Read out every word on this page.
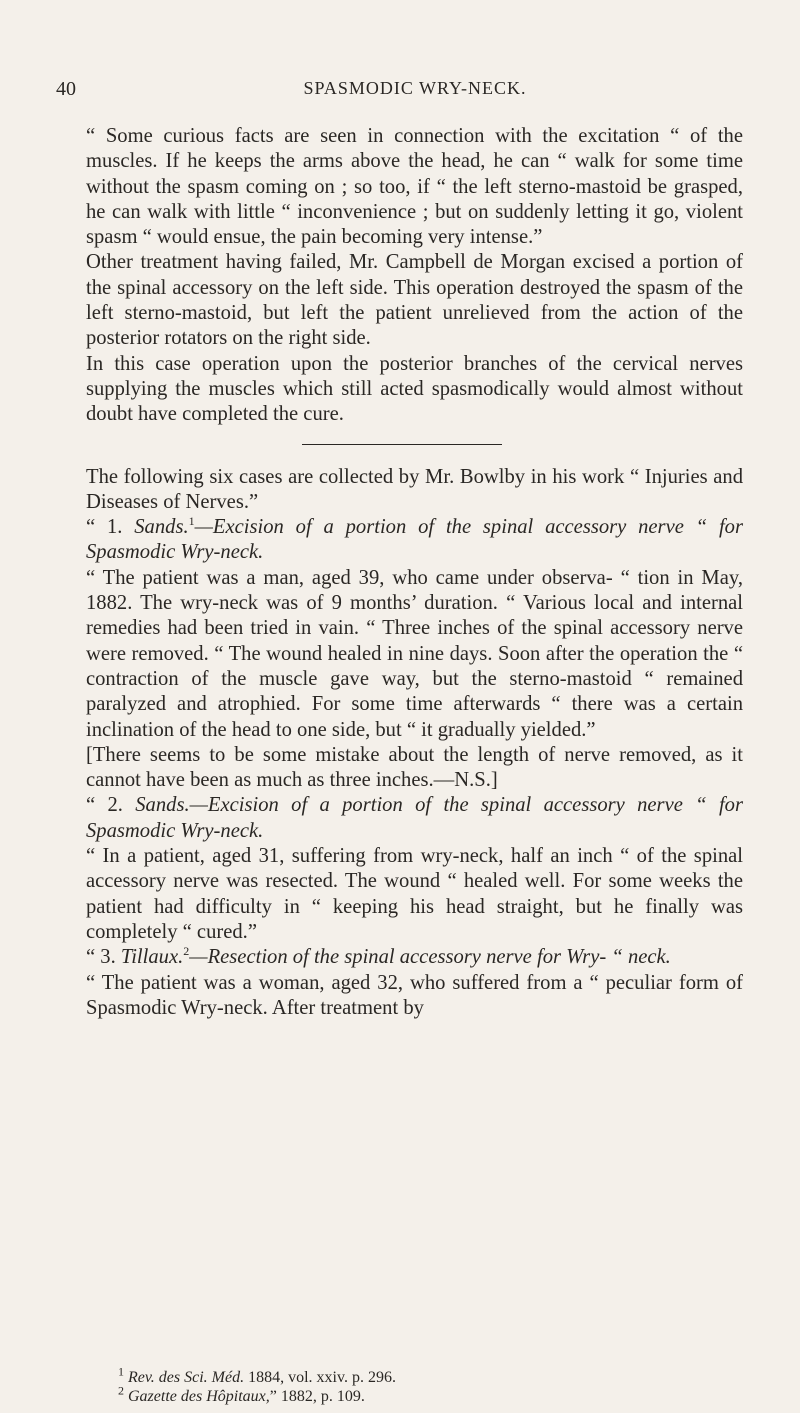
40	SPASMODIC WRY-NECK.

“ Some curious facts are seen in connection with the excitation “ of the muscles. If he keeps the arms above the head, he can “ walk for some time without the spasm coming on ; so too, if “ the left sterno-mastoid be grasped, he can walk with little “ inconvenience ; but on suddenly letting it go, violent spasm “ would ensue, the pain becoming very intense.”

Other treatment having failed, Mr. Campbell de Morgan excised a portion of the spinal accessory on the left side. This operation destroyed the spasm of the left sterno-mastoid, but left the patient unrelieved from the action of the posterior rotators on the right side.

In this case operation upon the posterior branches of the cervical nerves supplying the muscles which still acted spasmodically would almost without doubt have completed the cure.

The following six cases are collected by Mr. Bowlby in his work “ Injuries and Diseases of Nerves.”

“ 1. Sands.$^1$—Excision of a portion of the spinal accessory nerve “ for Spasmodic Wry-neck.

“ The patient was a man, aged 39, who came under observa- “ tion in May, 1882. The wry-neck was of 9 months’ duration. “ Various local and internal remedies had been tried in vain. “ Three inches of the spinal accessory nerve were removed. “ The wound healed in nine days. Soon after the operation the “ contraction of the muscle gave way, but the sterno-mastoid “ remained paralyzed and atrophied. For some time afterwards “ there was a certain inclination of the head to one side, but “ it gradually yielded.”

[There seems to be some mistake about the length of nerve removed, as it cannot have been as much as three inches.—N.S.]

“ 2. Sands.—Excision of a portion of the spinal accessory nerve “ for Spasmodic Wry-neck.

“ In a patient, aged 31, suffering from wry-neck, half an inch “ of the spinal accessory nerve was resected. The wound “ healed well. For some weeks the patient had difficulty in “ keeping his head straight, but he finally was completely “ cured.”

“ 3. Tillaux.$^2$—Resection of the spinal accessory nerve for Wry- “ neck.

“ The patient was a woman, aged 32, who suffered from a “ peculiar form of Spasmodic Wry-neck. After treatment by

$^1$ Rev. des Sci. Méd. 1884, vol. xxiv. p. 296.

$^2$ Gazette des Hôpitaux,” 1882, p. 109.
